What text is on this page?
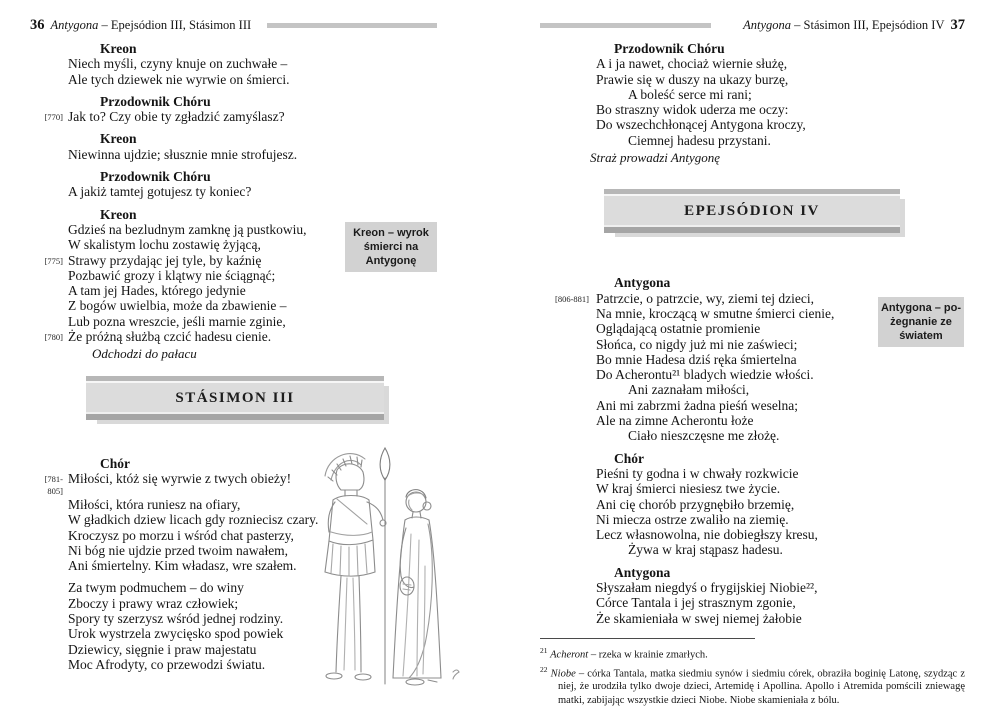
36 Antygona – Epejsódion III, Stásimon III
Kreon
Niech myśli, czyny knuje on zuchwałe –
Ale tych dziewek nie wyrwie on śmierci.
Przodownik Chóru
[770] Jak to? Czy obie ty zgładzić zamyślasz?
Kreon
Niewinna ujdzie; słusznie mnie strofujesz.
Przodownik Chóru
A jakiż tamtej gotujesz ty koniec?
Kreon
Gdzieś na bezludnym zamknę ją pustkowiu,
W skalistym lochu zostawię żyjącą,
[775] Strawy przydając jej tyle, by kaźnię
Pozbawić grozy i klątwy nie ściągnąć;
A tam jej Hades, którego jedynie
Z bogów uwielbia, może da zbawienie –
Lub pozna wreszcie, jeśli marnie zginie,
[780] Że próżną służbą czcić hadesu cienie.
Odchodzi do pałacu
STÁSIMON III
Chór
[781-805]
Miłości, któż się wyrwie z twych obieży!
Miłości, która runiesz na ofiary,
W gładkich dziew licach gdy rozniecisz czary.
Kroczysz po morzu i wśród chat pasterzy,
Ni bóg nie ujdzie przed twoim nawałem,
Ani śmiertelny. Kim władasz, wre szałem.
Za twym podmuchem – do winy
Zboczy i prawy wraz człowiek;
Spory ty szerzysz wśród jednej rodziny.
Urok wystrzela zwycięsko spod powiek
Dziewicy, sięgnie i praw majestatu
Moc Afrodyty, co przewodzi światu.
Antygona – Stásimon III, Epejsódion IV 37
Przodownik Chóru
A i ja nawet, chociaż wiernie służę,
Prawie się w duszy na ukazy burzę,
A boleść serce mi rani;
Bo straszny widok uderza me oczy:
Do wszechchłonącej Antygona kroczy,
Ciemnej hadesu przystani.
Straż prowadzi Antygonę
EPEJSÓDION IV
Antygona
[806-881] Patrzcie, o patrzcie, wy, ziemi tej dzieci,
Na mnie, kroczącą w smutne śmierci cienie,
Oglądającą ostatnie promienie
Słońca, co nigdy już mi nie zaświeci;
Bo mnie Hadesa dziś ręka śmiertelna
Do Acherontu²¹ bladych wiedzie włości.
Ani zaznałam miłości,
Ani mi zabrzmi żadna pieśń weselna;
Ale na zimne Acherontu łoże
Ciało nieszczęsne me złożę.
Chór
Pieśni ty godna i w chwały rozkwicie
W kraj śmierci niesiesz twe życie.
Ani cię chorób przygnębiło brzemię,
Ni miecza ostrze zwaliło na ziemię.
Lecz własnowolna, nie dobiegłszy kresu,
Żywa w kraj stąpasz hadesu.
Antygona
Słyszałam niegdyś o frygijskiej Niobie²²,
Córce Tantala i jej strasznym zgonie,
Że skamieniała w swej niemej żałobie

$^{21}$ Acheront – rzeka w krainie zmarłych.

$^{22}$ Niobe – córka Tantala, matka siedmiu synów i siedmiu córek, obraziła boginię Latonę, szydząc z niej, że urodziła tylko dwoje dzieci, Artemidę i Apollina. Apollo i Atremida pomścili zniewagę matki, zabijając wszystkie dzieci Niobe. Niobe skamieniała z bólu.

Kreon – wyrok
śmierci na
Antygonę
Antygona – po-
żegnanie ze
światem
